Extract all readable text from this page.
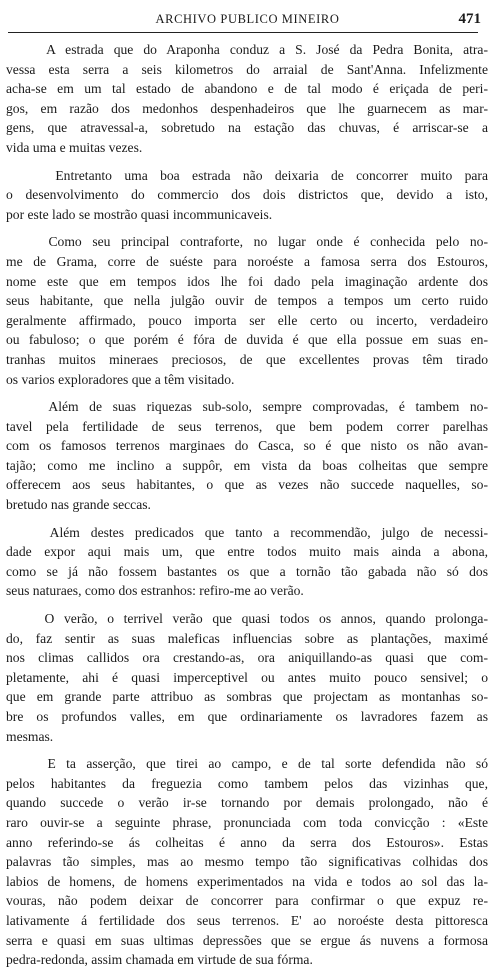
ARCHIVO PUBLICO MINEIRO	471
A estrada que do Araponha conduz a S. José da Pedra Bonita, atra-
vessa esta serra a seis kilometros do arraial de Sant'Anna. Infelizmente
acha-se em um tal estado de abandono e de tal modo é eriçada de peri-
gos, em razão dos medonhos despenhadeiros que lhe guarnecem as mar-
gens, que atravessal-a, sobretudo na estação das chuvas, é arriscar-se a
vida uma e muitas vezes.
Entretanto uma boa estrada não deixaria de concorrer muito para
o desenvolvimento do commercio dos dois districtos que, devido a isto,
por este lado se mostrão quasi incommunicaveis.
Como seu principal contraforte, no lugar onde é conhecida pelo no-
me de Grama, corre de suéste para noroéste a famosa serra dos Estouros,
nome este que em tempos idos lhe foi dado pela imaginação ardente dos
seus habitante, que nella julgão ouvir de tempos a tempos um certo ruido
geralmente affirmado, pouco importa ser elle certo ou incerto, verdadeiro
ou fabuloso; o que porém é fóra de duvida é que ella possue em suas en-
tranhas muitos mineraes preciosos, de que excellentes provas têm tirado
os varios exploradores que a têm visitado.
Além de suas riquezas sub-solo, sempre comprovadas, é tambem no-
tavel pela fertilidade de seus terrenos, que bem podem correr parelhas
com os famosos terrenos marginaes do Casca, so é que nisto os não avan-
tajão; como me inclino a suppôr, em vista da boas colheitas que sempre
offerecem aos seus habitantes, o que as vezes não succede naquelles, so-
bretudo nas grande seccas.
Além destes predicados que tanto a recommendão, julgo de necessi-
dade expor aqui mais um, que entre todos muito mais ainda a abona,
como se já não fossem bastantes os que a tornão tão gabada não só dos
seus naturaes, como dos estranhos: refiro-me ao verão.
O verão, o terrivel verão que quasi todos os annos, quando prolonga-
do, faz sentir as suas maleficas influencias sobre as plantações, maximé
nos climas callidos ora crestando-as, ora aniquillando-as quasi que com-
pletamente, ahi é quasi imperceptivel ou antes muito pouco sensivel; o
que em grande parte attribuo as sombras que projectam as montanhas so-
bre os profundos valles, em que ordinariamente os lavradores fazem as
mesmas.
E ta asserção, que tirei ao campo, e de tal sorte defendida não só
pelos habitantes da freguezia como tambem pelos das vizinhas que,
quando succede o verão ir-se tornando por demais prolongado, não é
raro ouvir-se a seguinte phrase, pronunciada com toda convicção : «Este
anno referindo-se ás colheitas é anno da serra dos Estouros». Estas
palavras tão simples, mas ao mesmo tempo tão significativas colhidas dos
labios de homens, de homens experimentados na vida e todos ao sol das la-
vouras, não podem deixar de concorrer para confirmar o que expuz re-
lativamente á fertilidade dos seus terrenos. E' ao noroéste desta pittoresca
serra e quasi em suas ultimas depressões que se ergue ás nuvens a formosa
pedra-redonda, assim chamada em virtude de sua fórma.
